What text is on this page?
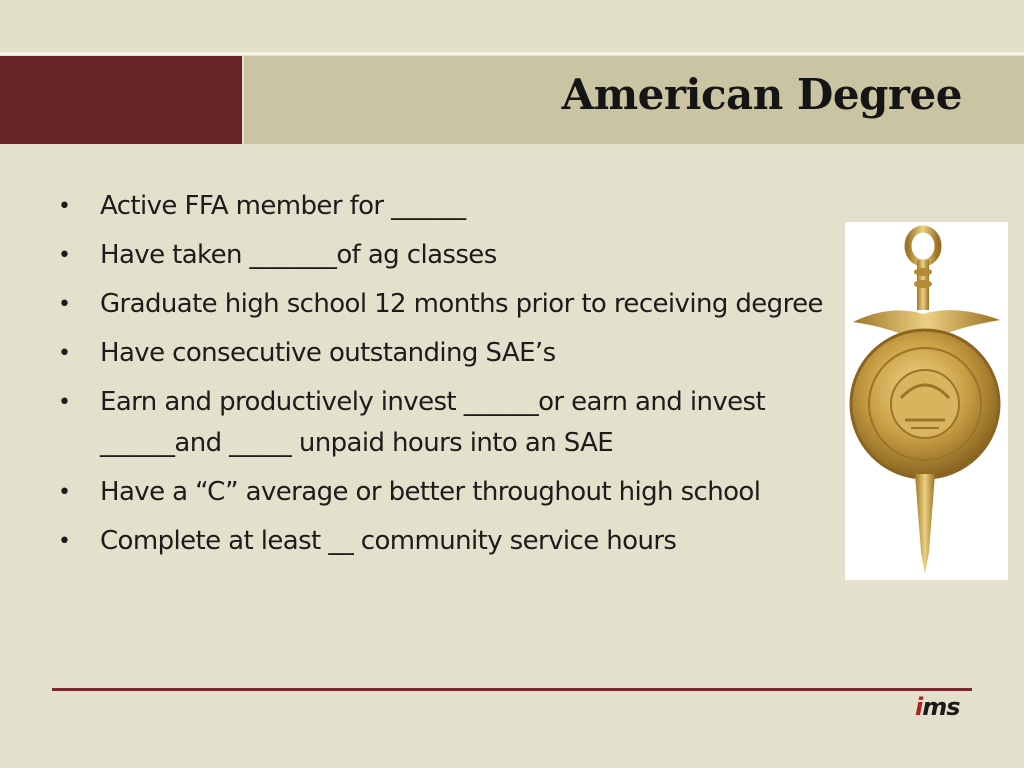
American Degree
• Active FFA member for ______
• Have taken _______of ag classes
• Graduate high school 12 months prior to receiving degree
• Have consecutive outstanding SAE’s
• Earn and productively invest ______or earn and invest ______and _____ unpaid hours into an SAE
• Have a “C” average or better throughout high school
• Complete at least __ community service hours
ims
